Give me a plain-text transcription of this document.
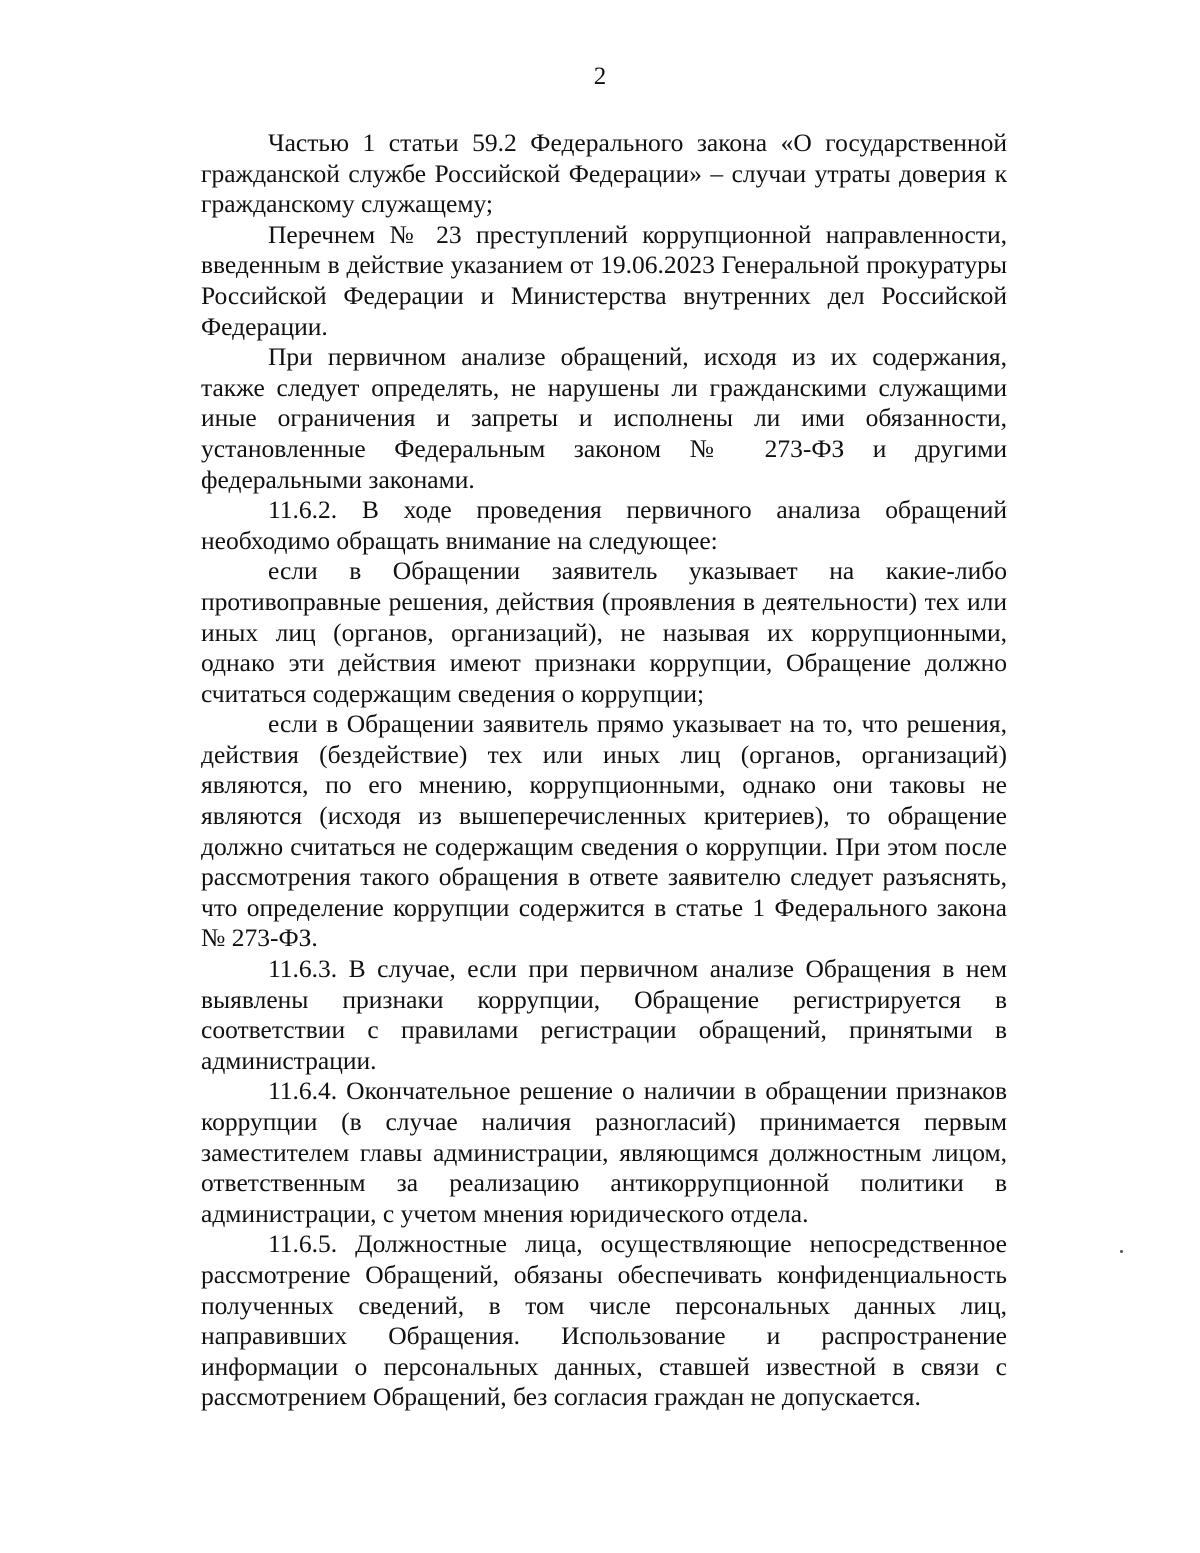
2

Частью 1 статьи 59.2 Федерального закона «О государственной гражданской службе Российской Федерации» – случаи утраты доверия к гражданскому служащему;

Перечнем № 23 преступлений коррупционной направленности, введенным в действие указанием от 19.06.2023 Генеральной прокуратуры Российской Федерации и Министерства внутренних дел Российской Федерации.

При первичном анализе обращений, исходя из их содержания, также следует определять, не нарушены ли гражданскими служащими иные ограничения и запреты и исполнены ли ими обязанности, установленные Федеральным законом № 273-ФЗ и другими федеральными законами.

11.6.2. В ходе проведения первичного анализа обращений необходимо обращать внимание на следующее:

если в Обращении заявитель указывает на какие-либо противоправные решения, действия (проявления в деятельности) тех или иных лиц (органов, организаций), не называя их коррупционными, однако эти действия имеют признаки коррупции, Обращение должно считаться содержащим сведения о коррупции;

если в Обращении заявитель прямо указывает на то, что решения, действия (бездействие) тех или иных лиц (органов, организаций) являются, по его мнению, коррупционными, однако они таковы не являются (исходя из вышеперечисленных критериев), то обращение должно считаться не содержащим сведения о коррупции. При этом после рассмотрения такого обращения в ответе заявителю следует разъяснять, что определение коррупции содержится в статье 1 Федерального закона № 273-ФЗ.

11.6.3. В случае, если при первичном анализе Обращения в нем выявлены признаки коррупции, Обращение регистрируется в соответствии с правилами регистрации обращений, принятыми в администрации.

11.6.4. Окончательное решение о наличии в обращении признаков коррупции (в случае наличия разногласий) принимается первым заместителем главы администрации, являющимся должностным лицом, ответственным за реализацию антикоррупционной политики в администрации, с учетом мнения юридического отдела.

11.6.5. Должностные лица, осуществляющие непосредственное рассмотрение Обращений, обязаны обеспечивать конфиденциальность полученных сведений, в том числе персональных данных лиц, направивших Обращения. Использование и распространение информации о персональных данных, ставшей известной в связи с рассмотрением Обращений, без согласия граждан не допускается.
